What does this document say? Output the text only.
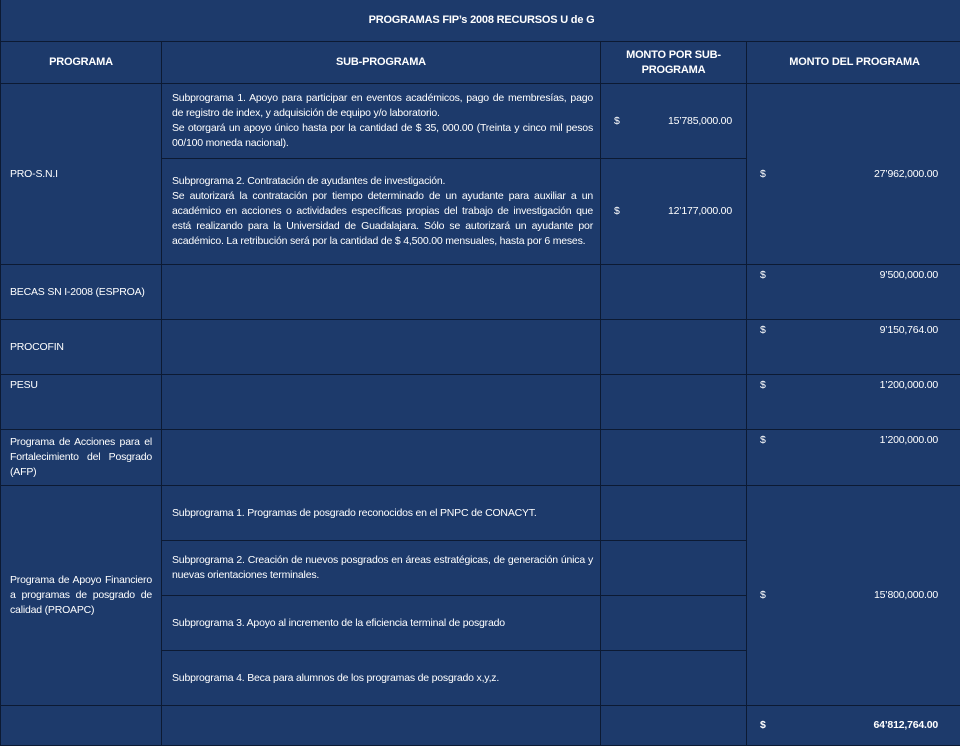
PROGRAMAS FIP’s 2008 RECURSOS U de G			
PROGRAMA	SUB-PROGRAMA	MONTO POR SUB-PROGRAMA	MONTO DEL PROGRAMA
PRO-S.N.I	Subprograma 1. Apoyo para participar en eventos académicos, pago de membresías, pago de registro de index, y adquisición de equipo y/o laboratorio.
Se otorgará un apoyo único hasta por la cantidad de $ 35, 000.00 (Treinta y cinco mil pesos 00/100 moneda nacional).	$ 15’785,000.00	$ 27’962,000.00
	Subprograma 2. Contratación de ayudantes de investigación.
Se autorizará la contratación por tiempo determinado de un ayudante para auxiliar a un académico en acciones o actividades específicas propias del trabajo de investigación que está realizando para la Universidad de Guadalajara. Sólo se autorizará un ayudante por académico. La retribución será por la cantidad de $ 4,500.00 mensuales, hasta por 6 meses.	$ 12’177,000.00	
BECAS SN I-2008 (ESPROA)			$ 9’500,000.00
PROCOFIN			$ 9’150,764.00
PESU			$ 1’200,000.00
Programa de Acciones para el Fortalecimiento del Posgrado (AFP)			$ 1’200,000.00
Programa de Apoyo Financiero a programas de posgrado de calidad (PROAPC)	Subprograma 1. Programas de posgrado reconocidos en el PNPC de CONACYT.		$ 15’800,000.00
	Subprograma 2. Creación de nuevos posgrados en áreas estratégicas, de generación única y nuevas orientaciones terminales.		
	Subprograma 3. Apoyo al incremento de la eficiencia terminal de posgrado		
	Subprograma 4. Beca para alumnos de los programas de posgrado x,y,z.		
			$ 64’812,764.00
